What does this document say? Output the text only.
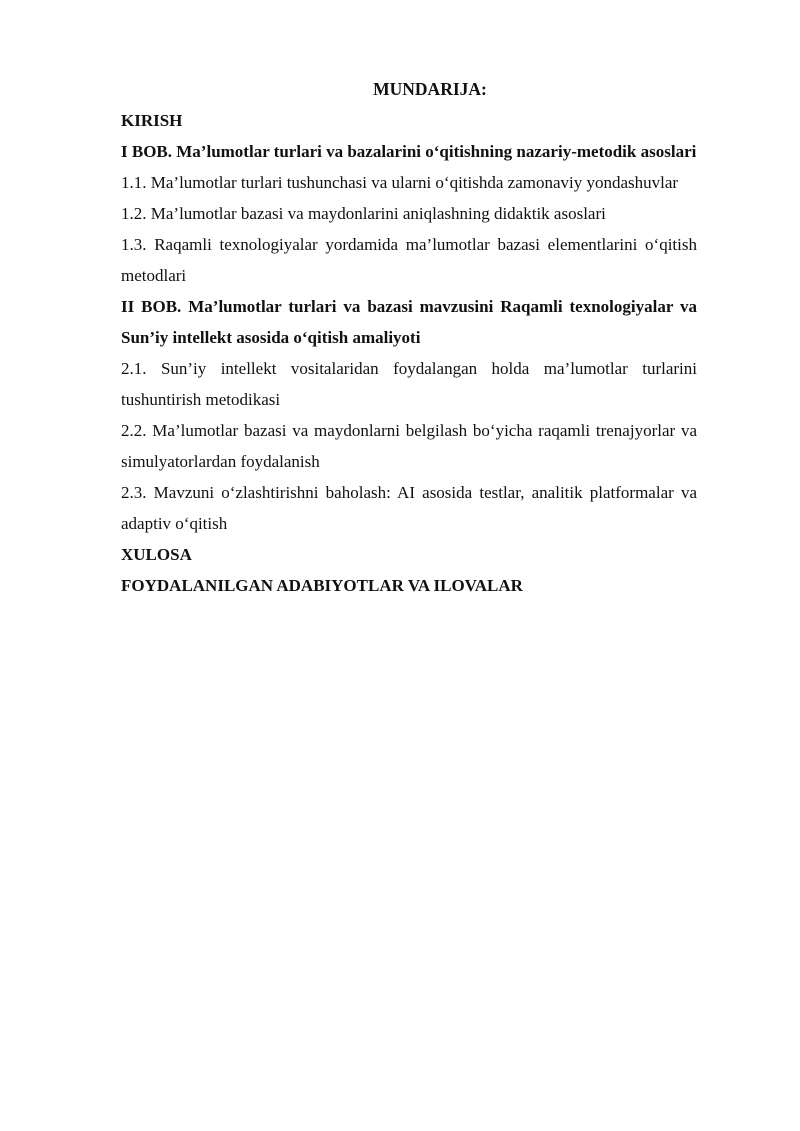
MUNDARIJA:

KIRISH

I BOB. Ma’lumotlar turlari va bazalarini o‘qitishning nazariy-metodik asoslari

1.1. Ma’lumotlar turlari tushunchasi va ularni o‘qitishda zamonaviy yondashuvlar

1.2. Ma’lumotlar bazasi va maydonlarini aniqlashning didaktik asoslari

1.3. Raqamli texnologiyalar yordamida ma’lumotlar bazasi elementlarini o‘qitish metodlari

II BOB. Ma’lumotlar turlari va bazasi mavzusini Raqamli texnologiyalar va Sun’iy intellekt asosida o‘qitish amaliyoti

2.1. Sun’iy intellekt vositalaridan foydalangan holda ma’lumotlar turlarini tushuntirish metodikasi

2.2. Ma’lumotlar bazasi va maydonlarni belgilash bo‘yicha raqamli trenajyorlar va simulyatorlardan foydalanish

2.3. Mavzuni o‘zlashtirishni baholash: AI asosida testlar, analitik platformalar va adaptiv o‘qitish

XULOSA

FOYDALANILGAN ADABIYOTLAR VA ILOVALAR
